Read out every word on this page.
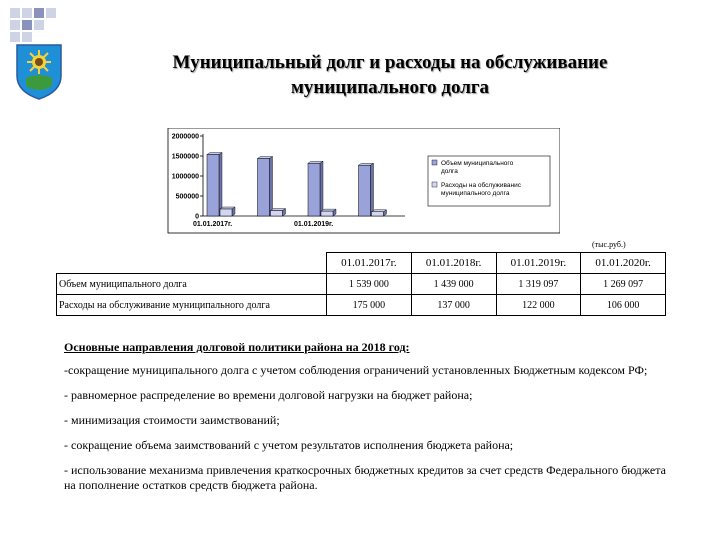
Муниципальный долг и расходы на обслуживание
муниципального долга
0
500000
1000000
1500000
2000000
01.01.2017г.	01.01.2019г.
Объем муниципального долга
Расходы на обслуживанис муниципального долга
(тыс.руб.)
	01.01.2017г.	01.01.2018г.	01.01.2019г.	01.01.2020г.
Объем муниципального долга	1 539 000	1 439 000	1 319 097	1 269 097
Расходы на обслуживание муниципального долга	175 000	137 000	122 000	106 000
Основные направления долговой политики района на 2018 год:

-сокращение муниципального долга с учетом соблюдения ограничений установленных Бюджетным кодексом РФ;

- равномерное распределение во времени долговой нагрузки на бюджет района;

- минимизация стоимости заимствований;

- сокращение объема заимствований с учетом результатов исполнения бюджета района;

- использование механизма привлечения краткосрочных бюджетных кредитов за счет средств Федерального бюджета на пополнение остатков средств бюджета района.
